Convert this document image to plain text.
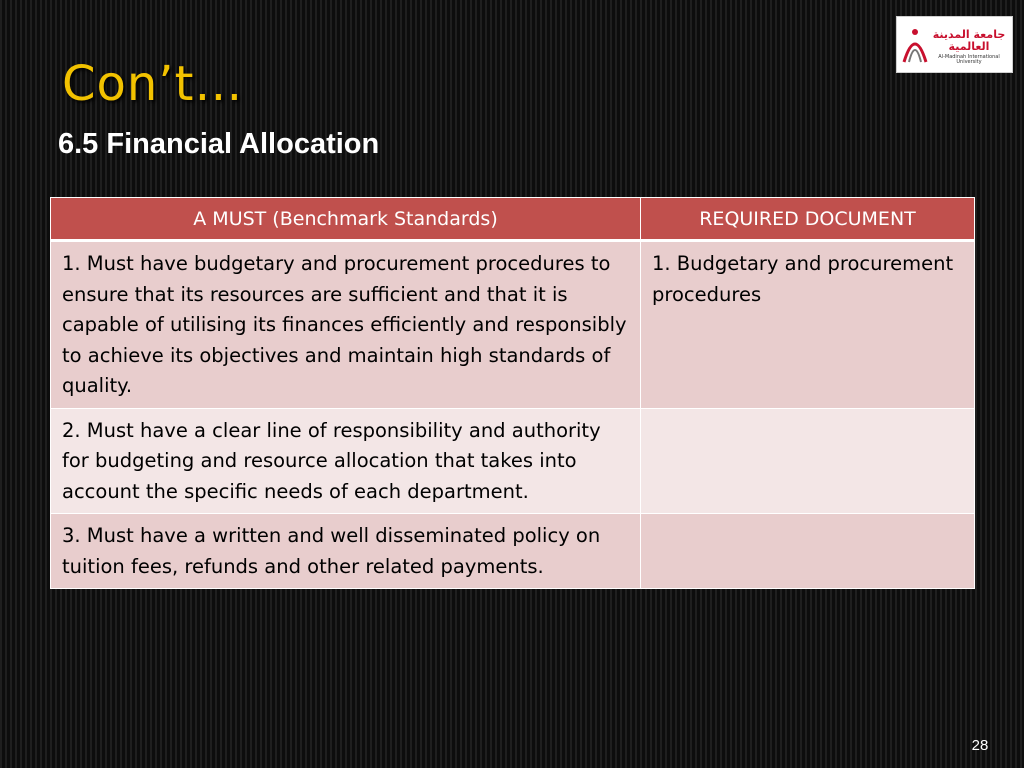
Con’t…
6.5 Financial Allocation
جامعة المدينة العالمية
Al-Madinah International University
A MUST (Benchmark Standards)	REQUIRED DOCUMENT
1. Must have budgetary and procurement procedures to ensure that its resources are sufficient and that it is capable of utilising its finances efficiently and responsibly to achieve its objectives and maintain high standards of quality.	1. Budgetary and procurement procedures
2. Must have a clear line of responsibility and authority for budgeting and resource allocation that takes into account the specific needs of each department.	
3. Must have a written and well disseminated policy on tuition fees, refunds and other related payments.	
28
